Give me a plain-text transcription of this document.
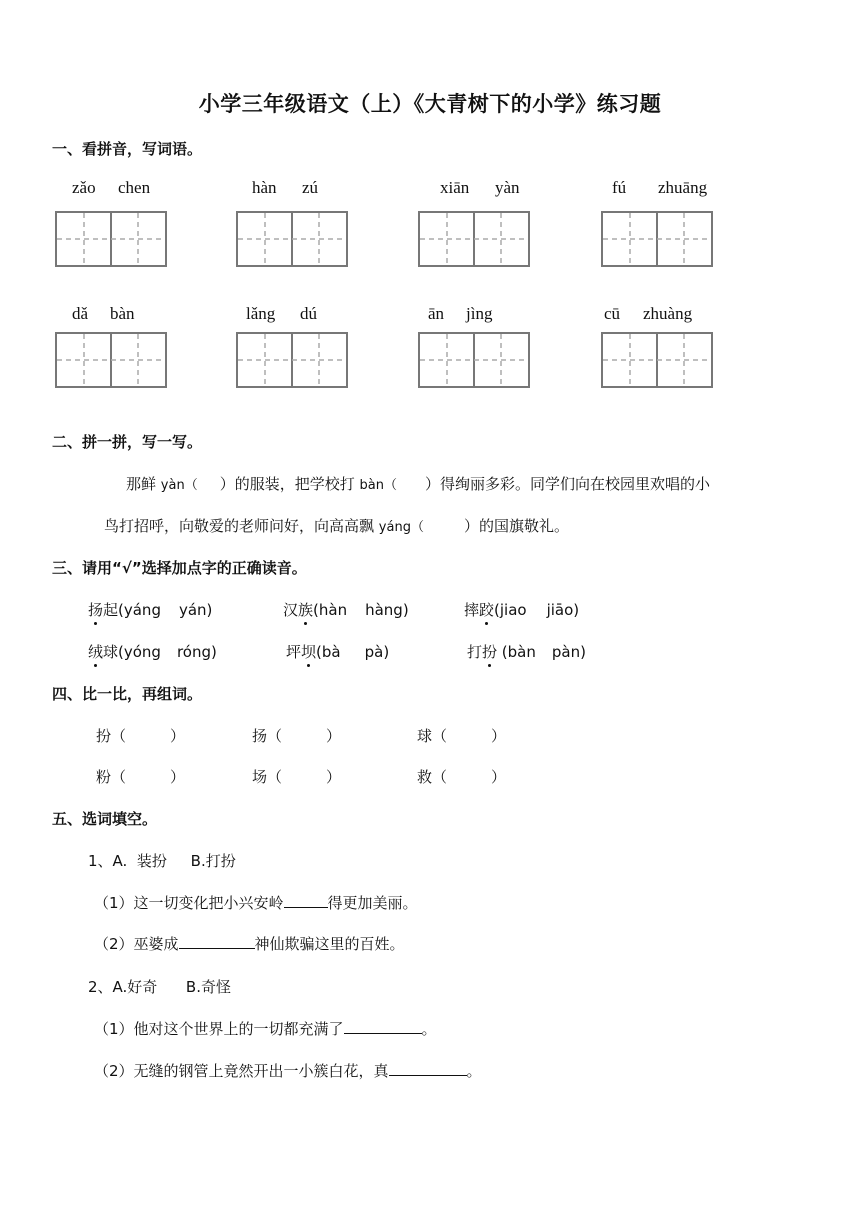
小学三年级语文（上）《大青树下的小学》练习题
一、看拼音，写词语。
zǎo chen	hàn zú	xiān yàn	fú zhuāng
dǎ bàn	lǎng dú	ān jìng	cū zhuàng
二、拼一拼，写一写。
那鲜 yàn（ ）的服装，把学校打 bàn（ ）得绚丽多彩。同学们向在校园里欢唱的小
鸟打招呼，向敬爱的老师问好，向高高飘 yáng（	）的国旗敬礼。
三、请用“√”选择加点字的正确读音。
扬起(yáng yán)	汉族(hàn hàng)	摔跤(jiao jiāo)
绒球(yóng róng)	坪坝(bà pà)	打扮 (bàn pàn)
四、比一比，再组词。
扮（	）	扬（	）	球（	）
粉（	）	场（	）	救（	）
五、选词填空。
1、A.  装扮     B.打扮
（1）这一切变化把小兴安岭	得更加美丽。
（2）巫婆成	神仙欺骗这里的百姓。
2、A.好奇      B.奇怪
（1）他对这个世界上的一切都充满了	。
（2）无缝的钢管上竟然开出一小簇白花，真	。
